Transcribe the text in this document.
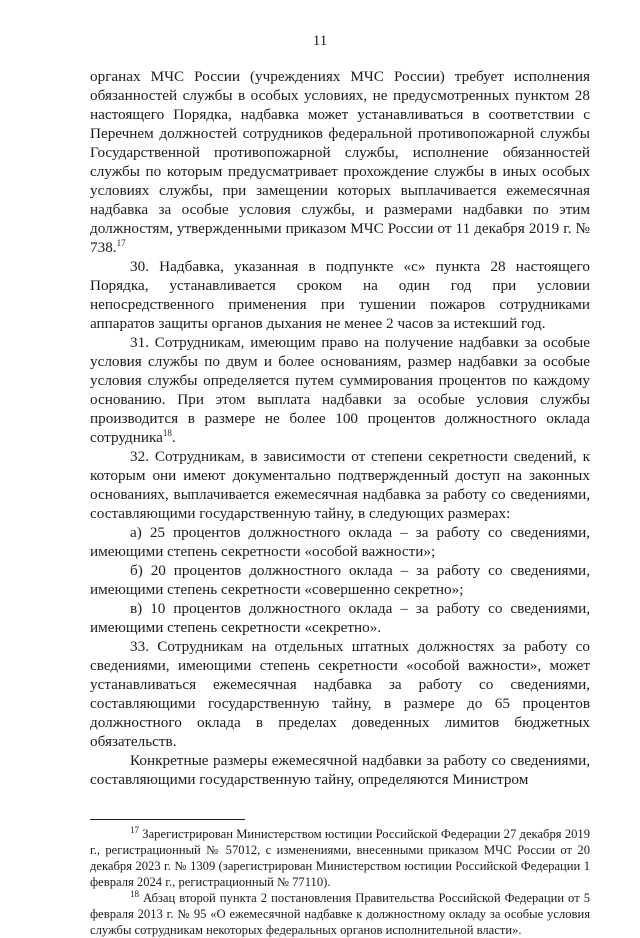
11

органах МЧС России (учреждениях МЧС России) требует исполнения обязанностей службы в особых условиях, не предусмотренных пунктом 28 настоящего Порядка, надбавка может устанавливаться в соответствии с Перечнем должностей сотрудников федеральной противопожарной службы Государственной противопожарной службы, исполнение обязанностей службы по которым предусматривает прохождение службы в иных особых условиях службы, при замещении которых выплачивается ежемесячная надбавка за особые условия службы, и размерами надбавки по этим должностям, утвержденными приказом МЧС России от 11 декабря 2019 г. № 738.17

30. Надбавка, указанная в подпункте «с» пункта 28 настоящего Порядка, устанавливается сроком на один год при условии непосредственного применения при тушении пожаров сотрудниками аппаратов защиты органов дыхания не менее 2 часов за истекший год.

31. Сотрудникам, имеющим право на получение надбавки за особые условия службы по двум и более основаниям, размер надбавки за особые условия службы определяется путем суммирования процентов по каждому основанию. При этом выплата надбавки за особые условия службы производится в размере не более 100 процентов должностного оклада сотрудника$^{18}$.

32. Сотрудникам, в зависимости от степени секретности сведений, к которым они имеют документально подтвержденный доступ на законных основаниях, выплачивается ежемесячная надбавка за работу со сведениями, составляющими государственную тайну, в следующих размерах:

а) 25 процентов должностного оклада – за работу со сведениями, имеющими степень секретности «особой важности»;

б) 20 процентов должностного оклада – за работу со сведениями, имеющими степень секретности «совершенно секретно»;

в) 10 процентов должностного оклада – за работу со сведениями, имеющими степень секретности «секретно».

33. Сотрудникам на отдельных штатных должностях за работу со сведениями, имеющими степень секретности «особой важности», может устанавливаться ежемесячная надбавка за работу со сведениями, составляющими государственную тайну, в размере до 65 процентов должностного оклада в пределах доведенных лимитов бюджетных обязательств.

Конкретные размеры ежемесячной надбавки за работу со сведениями, составляющими государственную тайну, определяются Министром

$^{17}$ Зарегистрирован Министерством юстиции Российской Федерации 27 декабря 2019 г., регистрационный № 57012, с изменениями, внесенными приказом МЧС России от 20 декабря 2023 г. № 1309 (зарегистрирован Министерством юстиции Российской Федерации 1 февраля 2024 г., регистрационный № 77110).

$^{18}$ Абзац второй пункта 2 постановления Правительства Российской Федерации от 5 февраля 2013 г. № 95 «О ежемесячной надбавке к должностному окладу за особые условия службы сотрудникам некоторых федеральных органов исполнительной власти».
